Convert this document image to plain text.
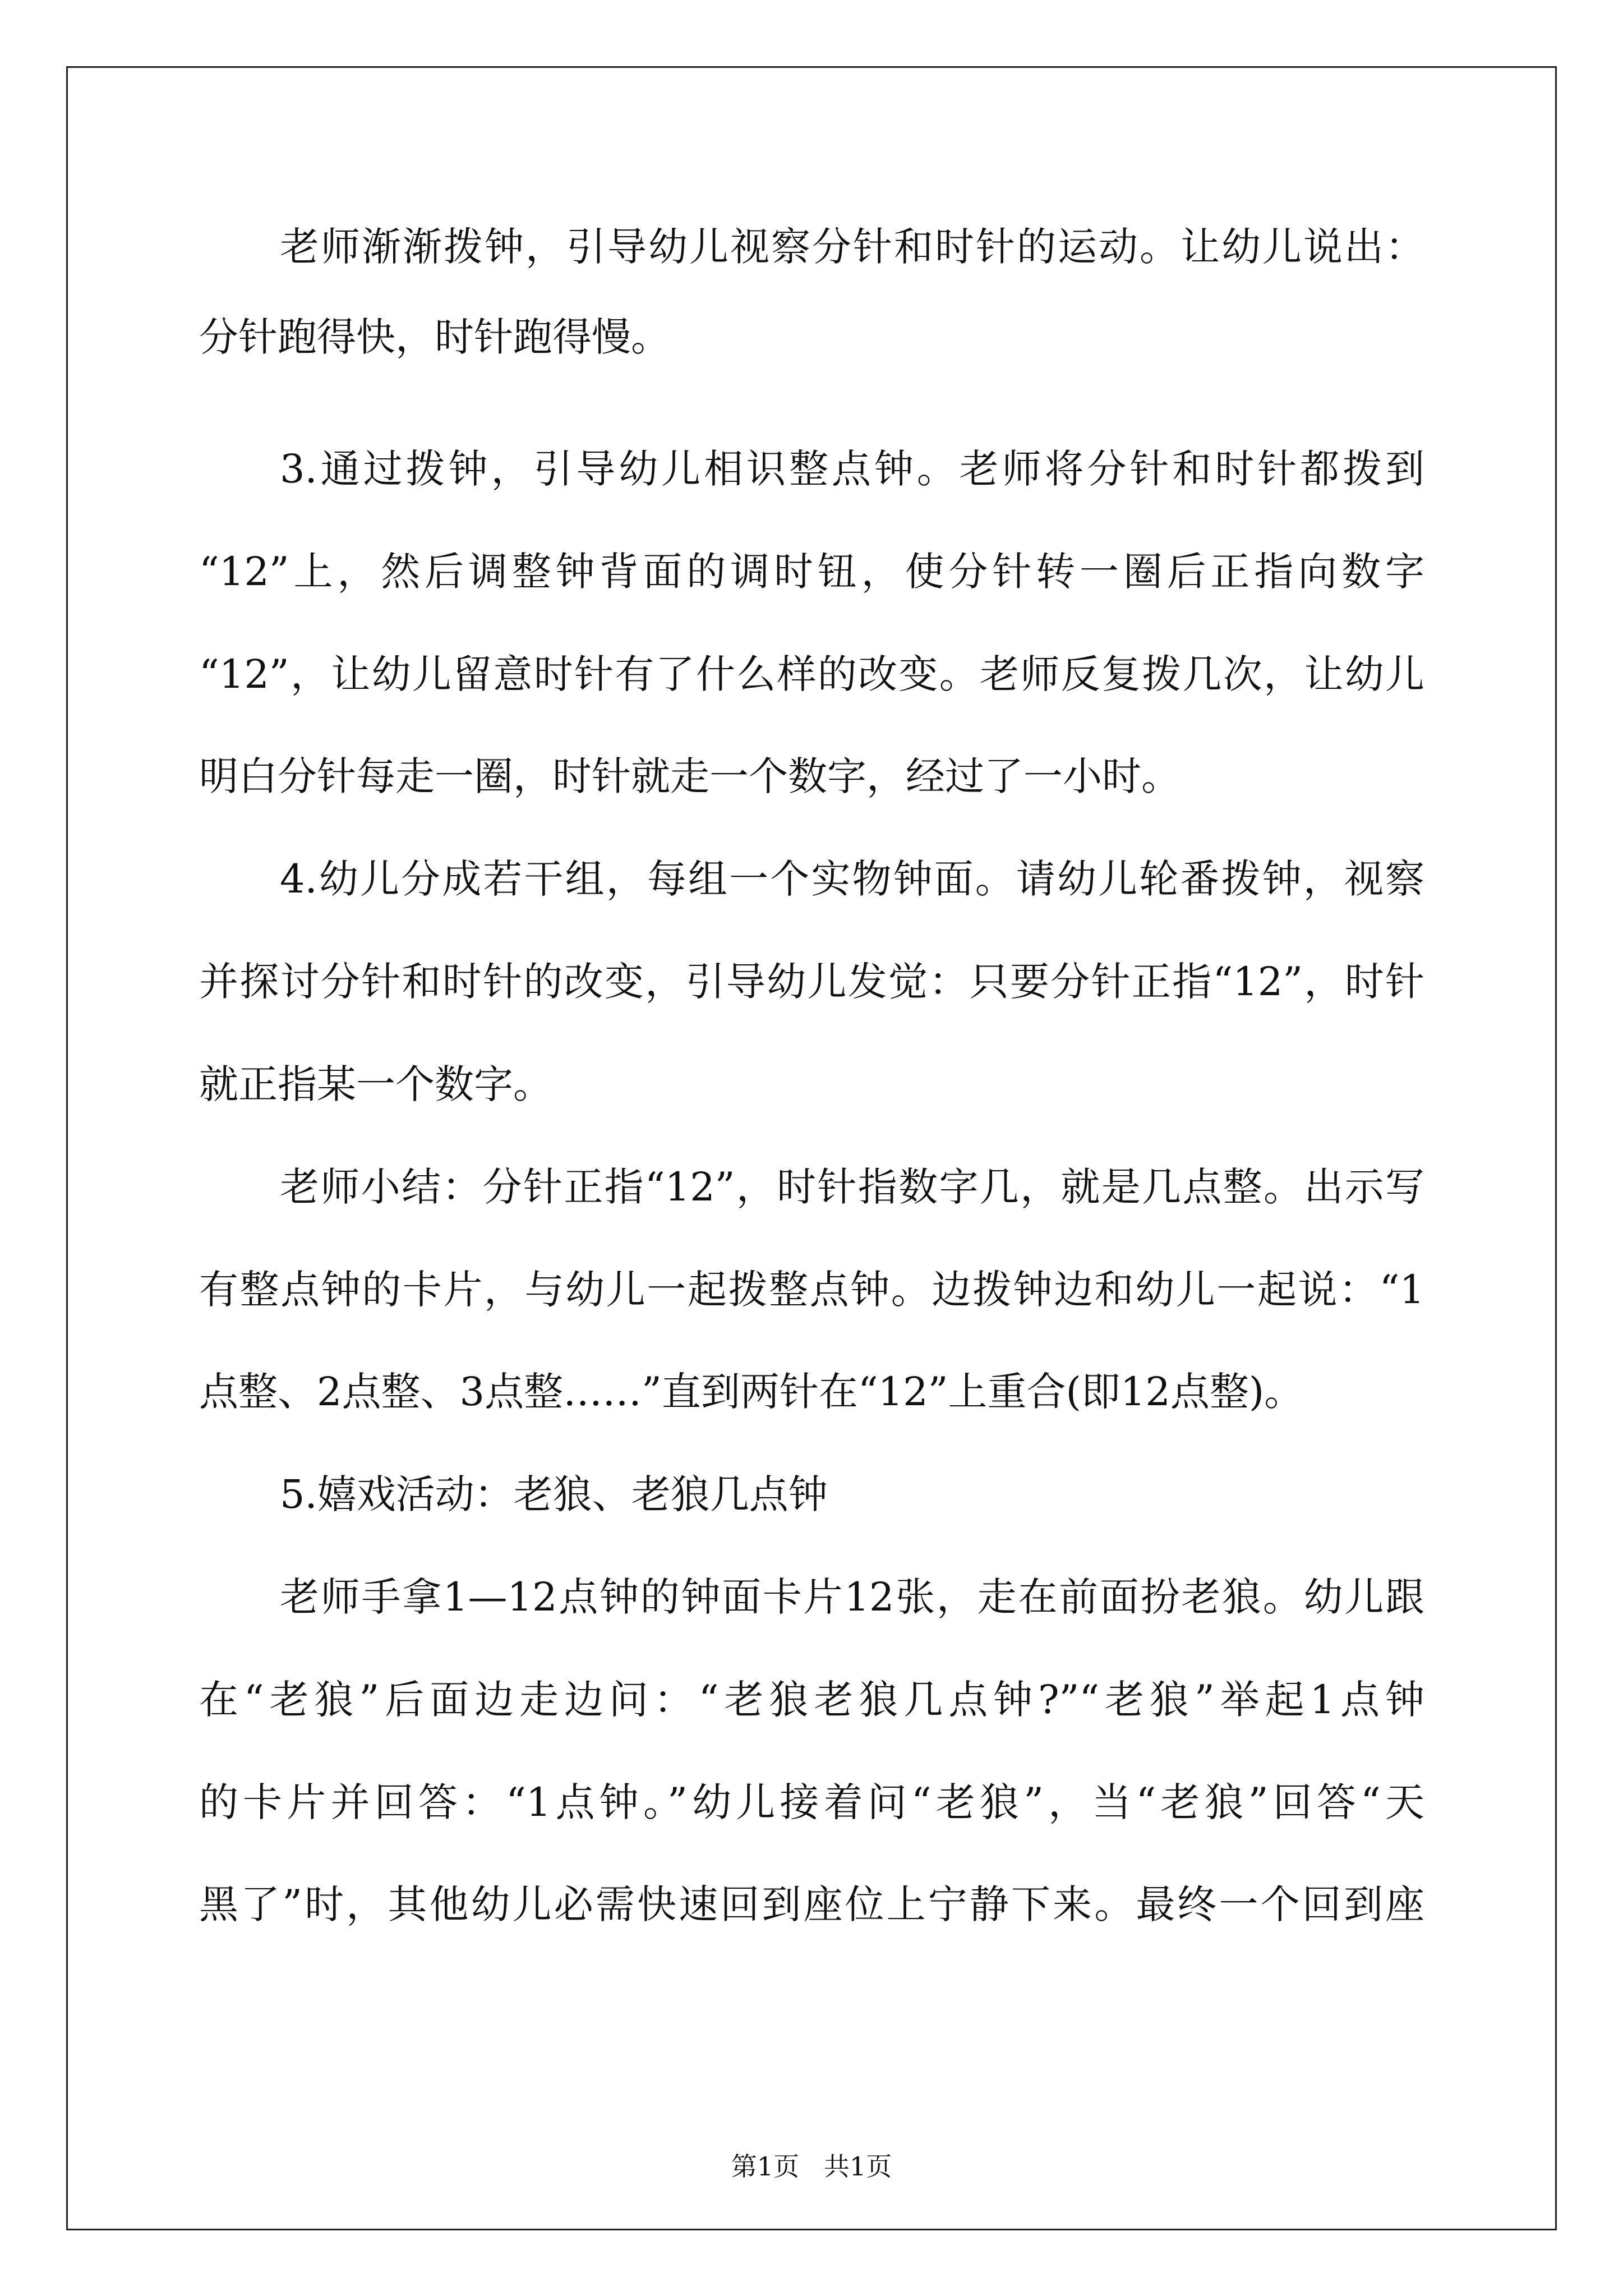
老师渐渐拨钟，引导幼儿视察分针和时针的运动。让幼儿说出：
分针跑得快，时针跑得慢。
3.通过拨钟，引导幼儿相识整点钟。老师将分针和时针都拨到
“12”上，然后调整钟背面的调时钮，使分针转一圈后正指向数字
“12”，让幼儿留意时针有了什么样的改变。老师反复拨几次，让幼儿
明白分针每走一圈，时针就走一个数字，经过了一小时。
4.幼儿分成若干组，每组一个实物钟面。请幼儿轮番拨钟，视察
并探讨分针和时针的改变，引导幼儿发觉：只要分针正指“12”，时针
就正指某一个数字。
老师小结：分针正指“12”，时针指数字几，就是几点整。出示写
有整点钟的卡片，与幼儿一起拨整点钟。边拨钟边和幼儿一起说：“1
点整、2点整、3点整……”直到两针在“12”上重合(即12点整)。
5.嬉戏活动：老狼、老狼几点钟
老师手拿1—12点钟的钟面卡片12张，走在前面扮老狼。幼儿跟
在“老狼”后面边走边问：“老狼老狼几点钟?”“老狼”举起1点钟
的卡片并回答：“1点钟。”幼儿接着问“老狼”，当“老狼”回答“天
黑了”时，其他幼儿必需快速回到座位上宁静下来。最终一个回到座
第1页   共1页
